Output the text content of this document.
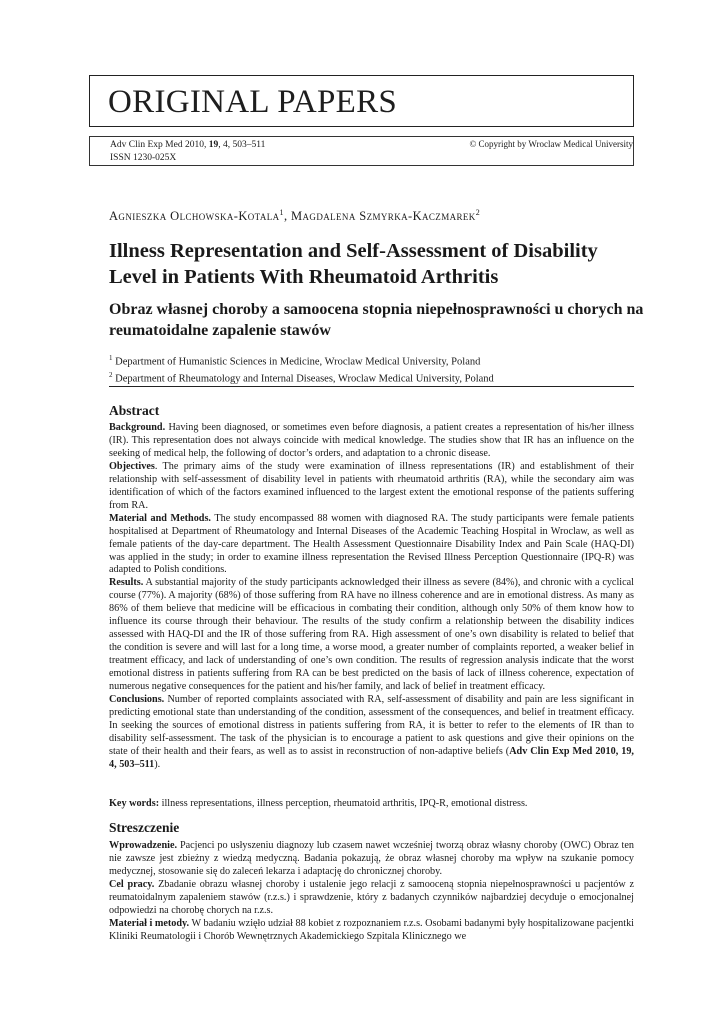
ORIGINAL PAPERS
Adv Clin Exp Med 2010, 19, 4, 503–511
ISSN 1230-025X
© Copyright by Wroclaw Medical University
Agnieszka Olchowska-Kotala$^1$, Magdalena Szmyrka-Kaczmarek$^2$
Illness Representation and Self-Assessment of Disability Level in Patients With Rheumatoid Arthritis
Obraz własnej choroby a samoocena stopnia niepełnosprawności u chorych na reumatoidalne zapalenie stawów
$^1$ Department of Humanistic Sciences in Medicine, Wroclaw Medical University, Poland
$^2$ Department of Rheumatology and Internal Diseases, Wroclaw Medical University, Poland
Abstract

Background. Having been diagnosed, or sometimes even before diagnosis, a patient creates a representation of his/her illness (IR). This representation does not always coincide with medical knowledge. The studies show that IR has an influence on the seeking of medical help, the following of doctor’s orders, and adaptation to a chronic disease.

Objectives. The primary aims of the study were examination of illness representations (IR) and establishment of their relationship with self-assessment of disability level in patients with rheumatoid arthritis (RA), while the secondary aim was identification of which of the factors examined influenced to the largest extent the emotional response of the patients suffering from RA.

Material and Methods. The study encompassed 88 women with diagnosed RA. The study participants were female patients hospitalised at Department of Rheumatology and Internal Diseases of the Academic Teaching Hospital in Wroclaw, as well as female patients of the day-care department. The Health Assessment Questionnaire Disability Index and Pain Scale (HAQ-DI) was applied in the study; in order to examine illness representation the Revised Illness Perception Questionnaire (IPQ-R) was adapted to Polish conditions.

Results. A substantial majority of the study participants acknowledged their illness as severe (84%), and chronic with a cyclical course (77%). A majority (68%) of those suffering from RA have no illness coherence and are in emotional distress. As many as 86% of them believe that medicine will be efficacious in combating their condition, although only 50% of them know how to influence its course through their behaviour. The results of the study confirm a relationship between the disability indices assessed with HAQ-DI and the IR of those suffering from RA. High assessment of one’s own disability is related to belief that the condition is severe and will last for a long time, a worse mood, a greater number of complaints reported, a weaker belief in treatment efficacy, and lack of understanding of one’s own condition. The results of regression analysis indicate that the worst emotional distress in patients suffering from RA can be best predicted on the basis of lack of illness coherence, expectation of numerous negative consequences for the patient and his/her family, and lack of belief in treatment efficacy.

Conclusions. Number of reported complaints associated with RA, self-assessment of disability and pain are less significant in predicting emotional state than understanding of the condition, assessment of the consequences, and belief in treatment efficacy. In seeking the sources of emotional distress in patients suffering from RA, it is better to refer to the elements of IR than to disability self-assessment. The task of the physician is to encourage a patient to ask questions and give their opinions on the state of their health and their fears, as well as to assist in reconstruction of non-adaptive beliefs (Adv Clin Exp Med 2010, 19, 4, 503–511).

Key words: illness representations, illness perception, rheumatoid arthritis, IPQ-R, emotional distress.
Streszczenie

Wprowadzenie. Pacjenci po usłyszeniu diagnozy lub czasem nawet wcześniej tworzą obraz własny choroby (OWC) Obraz ten nie zawsze jest zbieżny z wiedzą medyczną. Badania pokazują, że obraz własnej choroby ma wpływ na szukanie pomocy medycznej, stosowanie się do zaleceń lekarza i adaptację do chronicznej choroby.

Cel pracy. Zbadanie obrazu własnej choroby i ustalenie jego relacji z samooceną stopnia niepełnosprawności u pacjentów z reumatoidalnym zapaleniem stawów (r.z.s.) i sprawdzenie, który z badanych czynników najbardziej decyduje o emocjonalnej odpowiedzi na chorobę chorych na r.z.s.

Materiał i metody. W badaniu wzięło udział 88 kobiet z rozpoznaniem r.z.s. Osobami badanymi były hospitalizowane pacjentki Kliniki Reumatologii i Chorób Wewnętrznych Akademickiego Szpitala Klinicznego we
